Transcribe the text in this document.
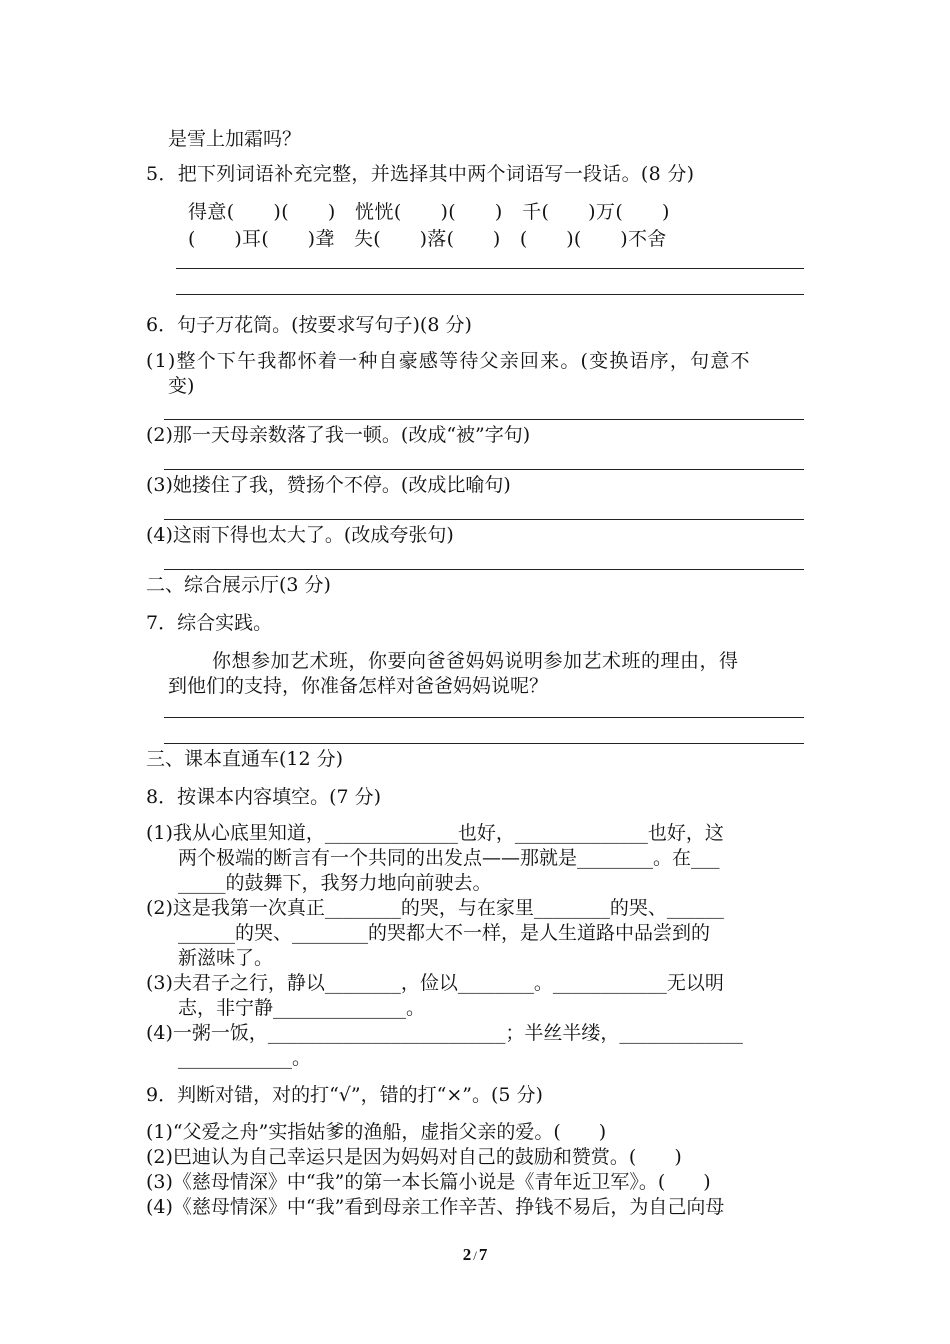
是雪上加霜吗？
5．把下列词语补充完整，并选择其中两个词语写一段话。(8 分)
得意(　　)(　　)　恍恍(　　)(　　)　千(　　)万(　　)
(　　)耳(　　)聋　失(　　)落(　　)　(　　)(　　)不舍
6．句子万花筒。(按要求写句子)(8 分)
(1)整个下午我都怀着一种自豪感等待父亲回来。(变换语序，句意不
变)
(2)那一天母亲数落了我一顿。(改成“被”字句)
(3)她搂住了我，赞扬个不停。(改成比喻句)
(4)这雨下得也太大了。(改成夸张句)
二、综合展示厅(3 分)
7．综合实践。
你想参加艺术班，你要向爸爸妈妈说明参加艺术班的理由，得
到他们的支持，你准备怎样对爸爸妈妈说呢？
三、课本直通车(12 分)
8．按课本内容填空。(7 分)
(1)我从心底里知道，______________也好，______________也好，这
两个极端的断言有一个共同的出发点——那就是________。在___
_____的鼓舞下，我努力地向前驶去。
(2)这是我第一次真正________的哭，与在家里________的哭、______
______的哭、________的哭都大不一样，是人生道路中品尝到的
新滋味了。
(3)夫君子之行，静以________，俭以________。____________无以明
志，非宁静______________。
(4)一粥一饭，_________________________；半丝半缕，_____________
____________。
9．判断对错，对的打“√”，错的打“×”。(5 分)
(1)“父爱之舟”实指姑爹的渔船，虚指父亲的爱。(　　)
(2)巴迪认为自己幸运只是因为妈妈对自己的鼓励和赞赏。(　　)
(3)《慈母情深》中“我”的第一本长篇小说是《青年近卫军》。(　　)
(4)《慈母情深》中“我”看到母亲工作辛苦、挣钱不易后，为自己向母
2 / 7
